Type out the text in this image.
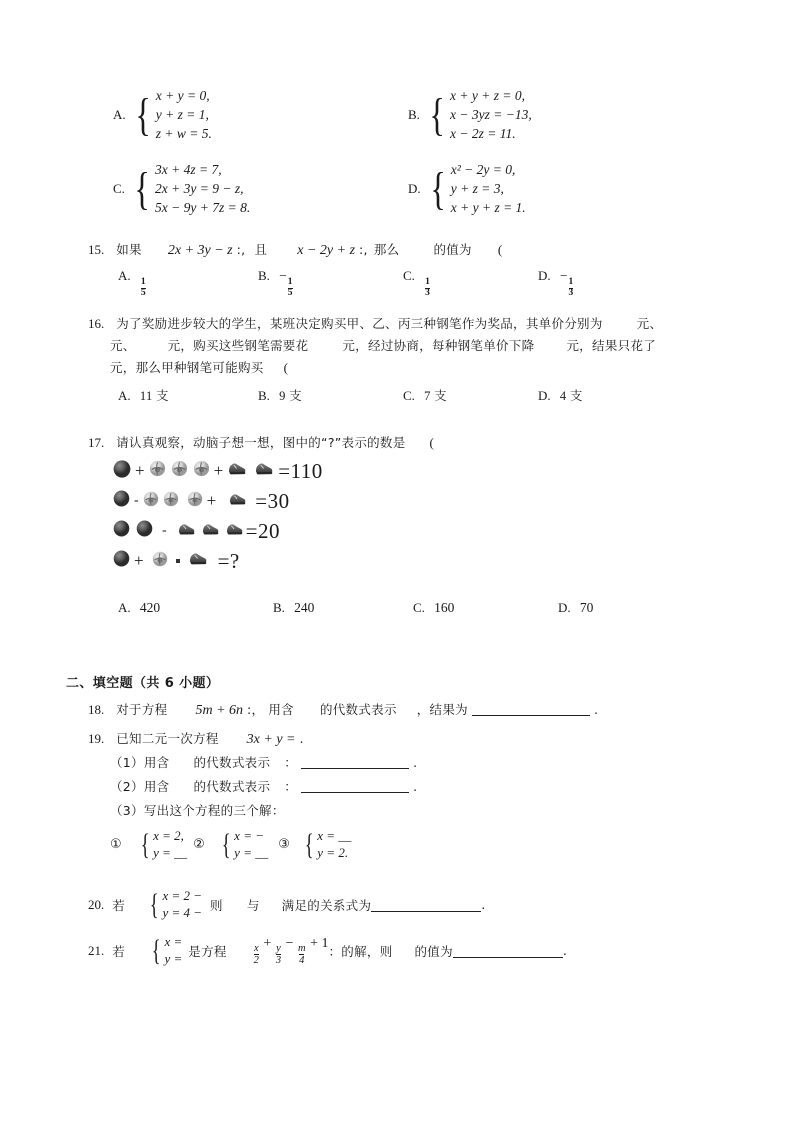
A. { x + y = 0,
y + z = 1,
z + w = 5.
B. { x + y + z = 0,
x − 3yz = −13,
x − 2z = 11.
C. { 3x + 4z = 7,
2x + 3y = 9 − z,
5x − 9y + 7z = 8.
D. { x² − 2y = 0,
y + z = 3,
x + y + z = 1.
15. 如果 2x + 3y − z :, 且 x − 2y + z :, 那么	的值为 (
A.
$\frac{1}{5}$
B. −
$\frac{1}{5}$
C.
$\frac{1}{3}$
D. −
$\frac{1}{3}$
16. 为了奖励进步较大的学生，某班决定购买甲、乙、丙三种钢笔作为奖品，其单价分别为	元、
元、	元，购买这些钢笔需要花	元，经过协商，每种钢笔单价下降	元，结果只花了
元，那么甲种钢笔可能购买 (
A. 11 支	B. 9 支	C. 7 支	D. 4 支
17. 请认真观察，动脑子想一想，图中的“?”表示的数是 (
+	+	=110
-	+ =30
-	=20
+	=?
A. 420	B. 240	C. 160	D. 70
二、填空题（共 6 小题）
18. 对于方程 5m + 6n :， 用含 的代数式表示 ，结果为	.
19. 已知二元一次方程 3x + y = .
（1）用含 的代数式表示 ：	.
（2）用含 的代数式表示 ：	.
（3）写出这个方程的三个解：
① { x = 2,
y = __ ② { x = −
y = __ ③ { x = __
y = 2.
20. 若 { x = 2 −
y = 4 − 则 与 满足的关系式为	.
21. 若 { x =
y = 是方程	$\frac{x}{2} + \frac{y}{3} - \frac{m}{4} + 1$
： 的解，则 的值为	.
